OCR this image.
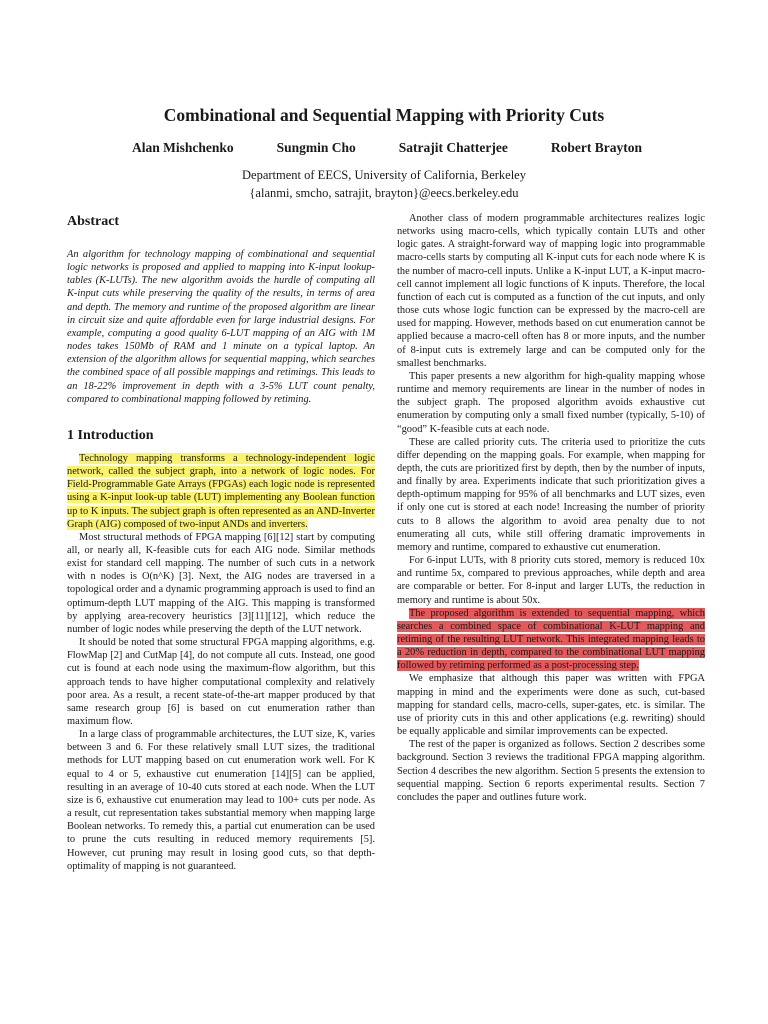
Combinational and Sequential Mapping with Priority Cuts
Alan Mishchenko	Sungmin Cho	Satrajit Chatterjee	Robert Brayton
Department of EECS, University of California, Berkeley
{alanmi, smcho, satrajit, brayton}@eecs.berkeley.edu
Abstract

An algorithm for technology mapping of combinational and sequential logic networks is proposed and applied to mapping into K-input lookup-tables (K-LUTs). The new algorithm avoids the hurdle of computing all K-input cuts while preserving the quality of the results, in terms of area and depth. The memory and runtime of the proposed algorithm are linear in circuit size and quite affordable even for large industrial designs. For example, computing a good quality 6-LUT mapping of an AIG with 1M nodes takes 150Mb of RAM and 1 minute on a typical laptop. An extension of the algorithm allows for sequential mapping, which searches the combined space of all possible mappings and retimings. This leads to an 18-22% improvement in depth with a 3-5% LUT count penalty, compared to combinational mapping followed by retiming.

1 Introduction

Technology mapping transforms a technology-independent logic network, called the subject graph, into a network of logic nodes. For Field-Programmable Gate Arrays (FPGAs) each logic node is represented using a K-input look-up table (LUT) implementing any Boolean function up to K inputs. The subject graph is often represented as an AND-Inverter Graph (AIG) composed of two-input ANDs and inverters.

Most structural methods of FPGA mapping [6][12] start by computing all, or nearly all, K-feasible cuts for each AIG node. Similar methods exist for standard cell mapping. The number of such cuts in a network with n nodes is O(n^K) [3]. Next, the AIG nodes are traversed in a topological order and a dynamic programming approach is used to find an optimum-depth LUT mapping of the AIG. This mapping is transformed by applying area-recovery heuristics [3][11][12], which reduce the number of logic nodes while preserving the depth of the LUT network.

It should be noted that some structural FPGA mapping algorithms, e.g. FlowMap [2] and CutMap [4], do not compute all cuts. Instead, one good cut is found at each node using the maximum-flow algorithm, but this approach tends to have higher computational complexity and relatively poor area. As a result, a recent state-of-the-art mapper produced by that same research group [6] is based on cut enumeration rather than maximum flow.

In a large class of programmable architectures, the LUT size, K, varies between 3 and 6. For these relatively small LUT sizes, the traditional methods for LUT mapping based on cut enumeration work well. For K equal to 4 or 5, exhaustive cut enumeration [14][5] can be applied, resulting in an average of 10-40 cuts stored at each node. When the LUT size is 6, exhaustive cut enumeration may lead to 100+ cuts per node. As a result, cut representation takes substantial memory when mapping large Boolean networks. To remedy this, a partial cut enumeration can be used to prune the cuts resulting in reduced memory requirements [5]. However, cut pruning may result in losing good cuts, so that depth-optimality of mapping is not guaranteed.

Another class of modern programmable architectures realizes logic networks using macro-cells, which typically contain LUTs and other logic gates. A straight-forward way of mapping logic into programmable macro-cells starts by computing all K-input cuts for each node where K is the number of macro-cell inputs. Unlike a K-input LUT, a K-input macro-cell cannot implement all logic functions of K inputs. Therefore, the local function of each cut is computed as a function of the cut inputs, and only those cuts whose logic function can be expressed by the macro-cell are used for mapping. However, methods based on cut enumeration cannot be applied because a macro-cell often has 8 or more inputs, and the number of 8-input cuts is extremely large and can be computed only for the smallest benchmarks.

This paper presents a new algorithm for high-quality mapping whose runtime and memory requirements are linear in the number of nodes in the subject graph. The proposed algorithm avoids exhaustive cut enumeration by computing only a small fixed number (typically, 5-10) of “good” K-feasible cuts at each node.

These are called priority cuts. The criteria used to prioritize the cuts differ depending on the mapping goals. For example, when mapping for depth, the cuts are prioritized first by depth, then by the number of inputs, and finally by area. Experiments indicate that such prioritization gives a depth-optimum mapping for 95% of all benchmarks and LUT sizes, even if only one cut is stored at each node! Increasing the number of priority cuts to 8 allows the algorithm to avoid area penalty due to not enumerating all cuts, while still offering dramatic improvements in memory and runtime, compared to exhaustive cut enumeration.

For 6-input LUTs, with 8 priority cuts stored, memory is reduced 10x and runtime 5x, compared to previous approaches, while depth and area are comparable or better. For 8-input and larger LUTs, the reduction in memory and runtime is about 50x.

The proposed algorithm is extended to sequential mapping, which searches a combined space of combinational K-LUT mapping and retiming of the resulting LUT network. This integrated mapping leads to a 20% reduction in depth, compared to the combinational LUT mapping followed by retiming performed as a post-processing step.

We emphasize that although this paper was written with FPGA mapping in mind and the experiments were done as such, cut-based mapping for standard cells, macro-cells, super-gates, etc. is similar. The use of priority cuts in this and other applications (e.g. rewriting) should be equally applicable and similar improvements can be expected.

The rest of the paper is organized as follows. Section 2 describes some background. Section 3 reviews the traditional FPGA mapping algorithm. Section 4 describes the new algorithm. Section 5 presents the extension to sequential mapping. Section 6 reports experimental results. Section 7 concludes the paper and outlines future work.
